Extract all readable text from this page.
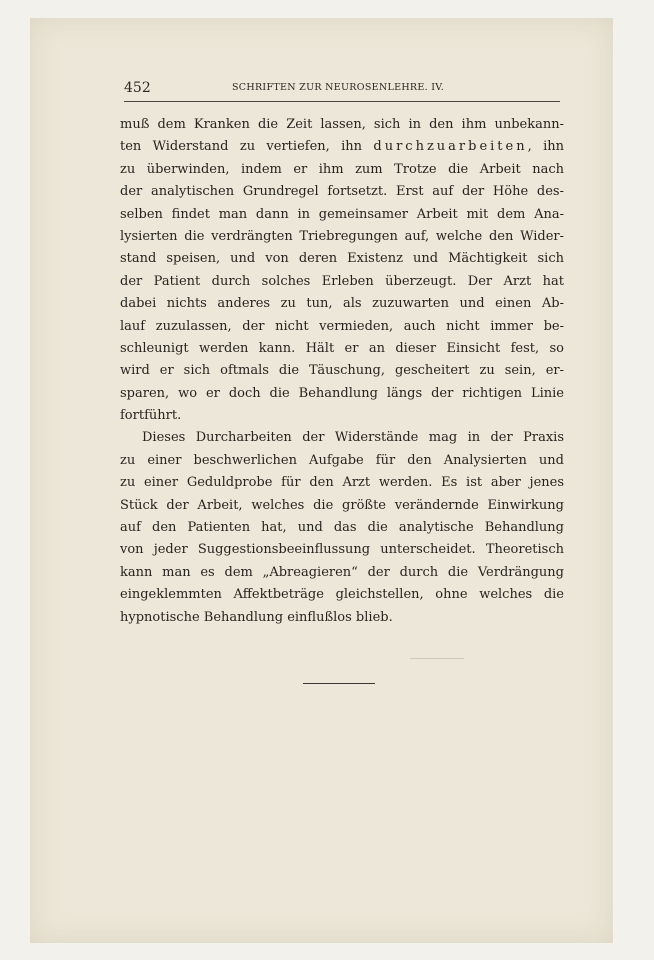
452	SCHRIFTEN ZUR NEUROSENLEHRE. IV.
muß dem Kranken die Zeit lassen, sich in den ihm unbekann-
ten Widerstand zu vertiefen, ihn durchzuarbeiten, ihn
zu überwinden, indem er ihm zum Trotze die Arbeit nach
der analytischen Grundregel fortsetzt. Erst auf der Höhe des-
selben findet man dann in gemeinsamer Arbeit mit dem Ana-
lysierten die verdrängten Triebregungen auf, welche den Wider-
stand speisen, und von deren Existenz und Mächtigkeit sich
der Patient durch solches Erleben überzeugt. Der Arzt hat
dabei nichts anderes zu tun, als zuzuwarten und einen Ab-
lauf zuzulassen, der nicht vermieden, auch nicht immer be-
schleunigt werden kann. Hält er an dieser Einsicht fest, so
wird er sich oftmals die Täuschung, gescheitert zu sein, er-
sparen, wo er doch die Behandlung längs der richtigen Linie
fortführt.
Dieses Durcharbeiten der Widerstände mag in der Praxis
zu einer beschwerlichen Aufgabe für den Analysierten und
zu einer Geduldprobe für den Arzt werden. Es ist aber jenes
Stück der Arbeit, welches die größte verändernde Einwirkung
auf den Patienten hat, und das die analytische Behandlung
von jeder Suggestionsbeeinflussung unterscheidet. Theoretisch
kann man es dem „Abreagieren“ der durch die Verdrängung
eingeklemmten Affektbeträge gleichstellen, ohne welches die
hypnotische Behandlung einflußlos blieb.
